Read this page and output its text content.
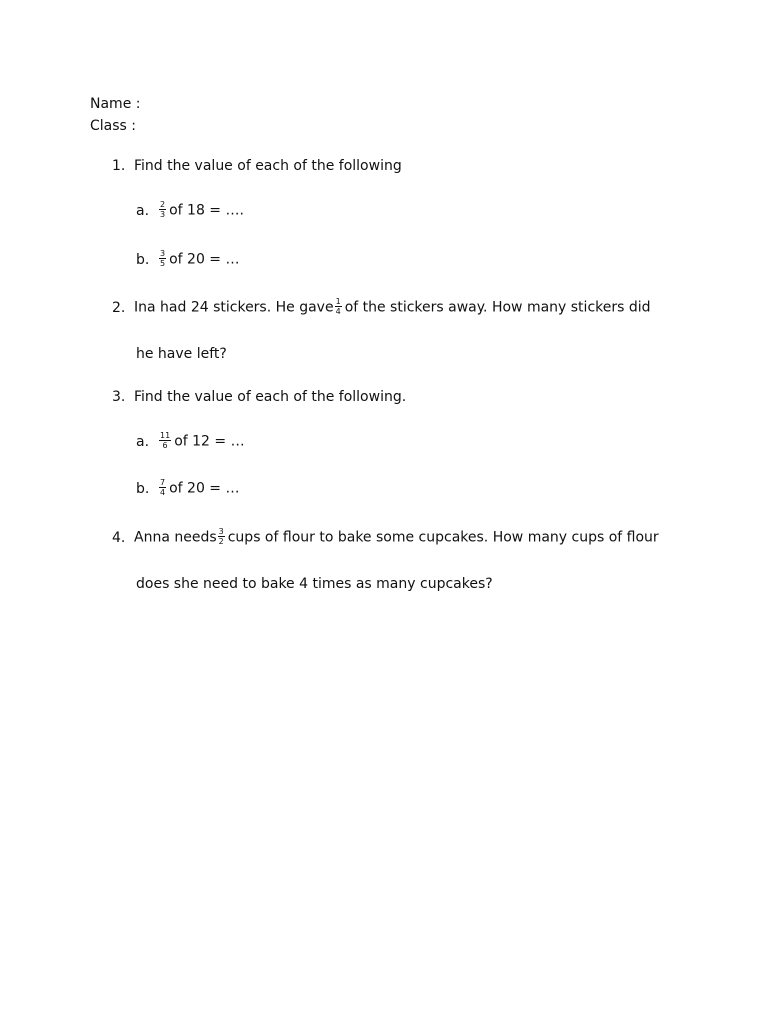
Name :
Class :
1. Find the value of each of the following
a. $\frac{2}{3}$ of 18 = ….
b. $\frac{3}{5}$ of 20 = …
2. Ina had 24 stickers. He gave $\frac{1}{4}$ of the stickers away. How many stickers did
he have left?
3. Find the value of each of the following.
a. $\frac{11}{6}$ of 12 = …
b. $\frac{7}{4}$ of 20 = …
4. Anna needs $\frac{3}{2}$ cups of flour to bake some cupcakes. How many cups of flour
does she need to bake 4 times as many cupcakes?
